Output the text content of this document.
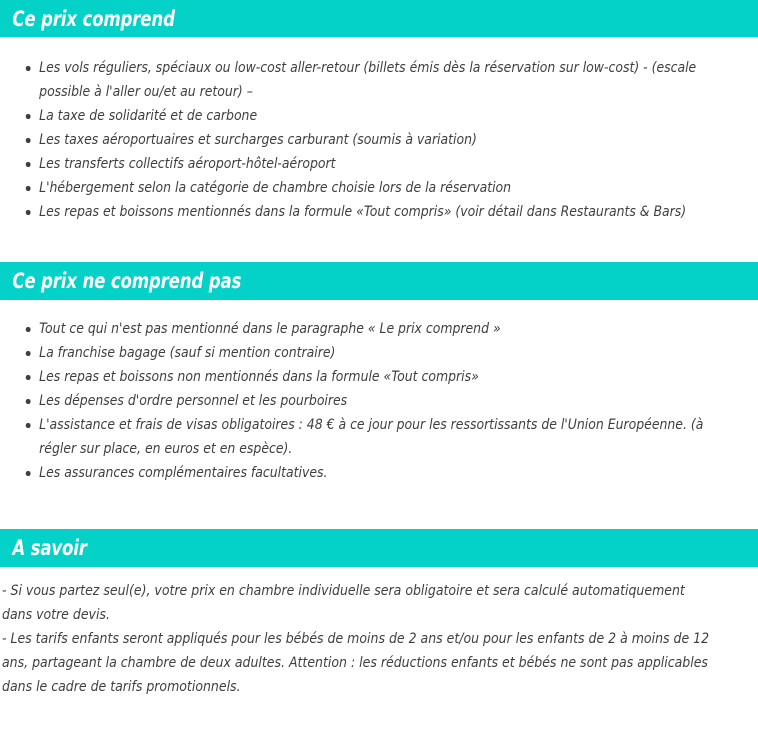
Ce prix comprend
Les vols réguliers, spéciaux ou low-cost aller-retour (billets émis dès la réservation sur low-cost) - (escale possible à l'aller ou/et au retour) –
La taxe de solidarité et de carbone
Les taxes aéroportuaires et surcharges carburant (soumis à variation)
Les transferts collectifs aéroport-hôtel-aéroport
L'hébergement selon la catégorie de chambre choisie lors de la réservation
Les repas et boissons mentionnés dans la formule «Tout compris» (voir détail dans Restaurants & Bars)
Ce prix ne comprend pas
Tout ce qui n'est pas mentionné dans le paragraphe « Le prix comprend »
La franchise bagage (sauf si mention contraire)
Les repas et boissons non mentionnés dans la formule «Tout compris»
Les dépenses d'ordre personnel et les pourboires
L'assistance et frais de visas obligatoires : 48 € à ce jour pour les ressortissants de l'Union Européenne. (à régler sur place, en euros et en espèce).
Les assurances complémentaires facultatives.
A savoir

- Si vous partez seul(e), votre prix en chambre individuelle sera obligatoire et sera calculé automatiquement dans votre devis.

- Les tarifs enfants seront appliqués pour les bébés de moins de 2 ans et/ou pour les enfants de 2 à moins de 12 ans, partageant la chambre de deux adultes. Attention : les réductions enfants et bébés ne sont pas applicables dans le cadre de tarifs promotionnels.
